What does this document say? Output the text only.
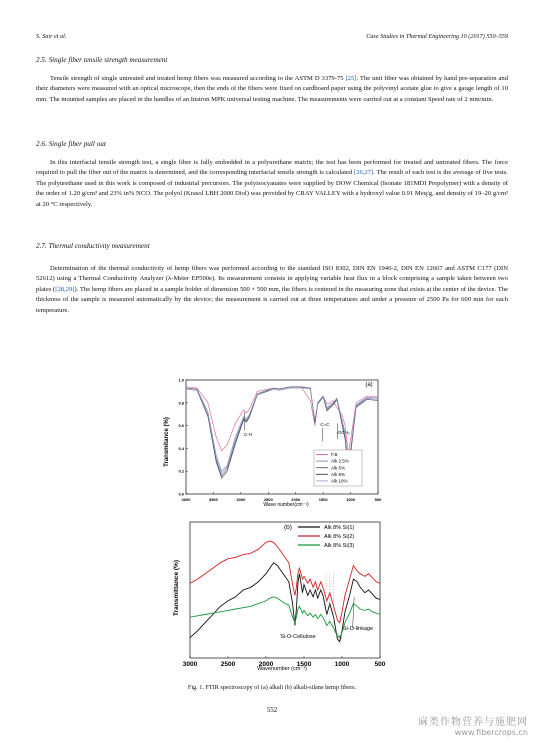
S. Sair et al.	Case Studies in Thermal Engineering 10 (2017) 550–559
2.5. Single fiber tensile strength measurement

Tensile strength of single untreated and treated hemp fibers was measured according to the ASTM D 3379-75 [25]. The unit fiber was obtained by hand pre-separation and their diameters were measured with an optical microscope, then the ends of the fibers were fixed on cardboard paper using the polyvinyl acetate glue to give a gauge length of 10 mm. The mounted samples are placed in the handles of an Instron MPK universal testing machine. The measurements were carried out at a constant Speed rate of 2 mm/min.

2.6. Single fiber pull out

In this interfacial tensile strength test, a single fiber is fully embedded in a polyurethane matrix; the test has been performed for treated and untreated fibers. The force required to pull the fiber out of the matrix is determined, and the corresponding interfacial tensile strength is calculated [26,27]. The result of each test is the average of five tests. The polyurethane used in this work is composed of industrial precursors. The polyisocyanates were supplied by DOW Chemical (Isonate 181MDI Prepolymer) with a density of the order of 1.20 g/cm³ and 23% in% NCO. The polyol (Krasol LBH 2000 Diol) was provided by CRAY VALLEY with a hydroxyl value 0.91 Meq/g, and density of 19–20 g/cm³ at 20 °C respectively.

2.7. Thermal conductivity measurement

Determination of the thermal conductivity of hemp fibers was performed according to the standard ISO 8302, DIN EN 1946-2, DIN EN 12667 and ASTM C177 (DIN 52612) using a Thermal Conductivity Analyzer (λ-Meter EP500e). Its measurement consists in applying variable heat flux in a block comprising a sample taken between two plates ([28,29]). The hemp fibers are placed in a sample holder of dimension 500 × 500 mm, the fibers is centered in the measuring zone that exists at the center of the device. The thickness of the sample is measured automatically by the device; the measurement is carried out at three temperatures and under a pressure of 2500 Pa for 600 min for each temperature.

Transmitance (%)
Wave number(cm⁻¹)
(a)
C-H
C=C
-OCH₃
4000	3500	3000	2500	2000	1500	1000	500
1.0
0.8
0.6
0.4
0.2
0.0
F.B
Alk 2.5%
Alk 5%
Alk 8%
Alk 10%
Transmittance (%)
Wavenumber (cm⁻¹)
(b)
Si-O-Cellulose
Si-O-linkage
3000	2500	2000	1500	1000	500
Alk 8% Si(1)
Alk 8% Si(2)
Alk 8% Si(3)
Fig. 1. FTIR spectroscopy of (a) alkali (b) alkali-silane hemp fibers.
552
麻类作物营养与施肥网
www.fibercrops.cn
